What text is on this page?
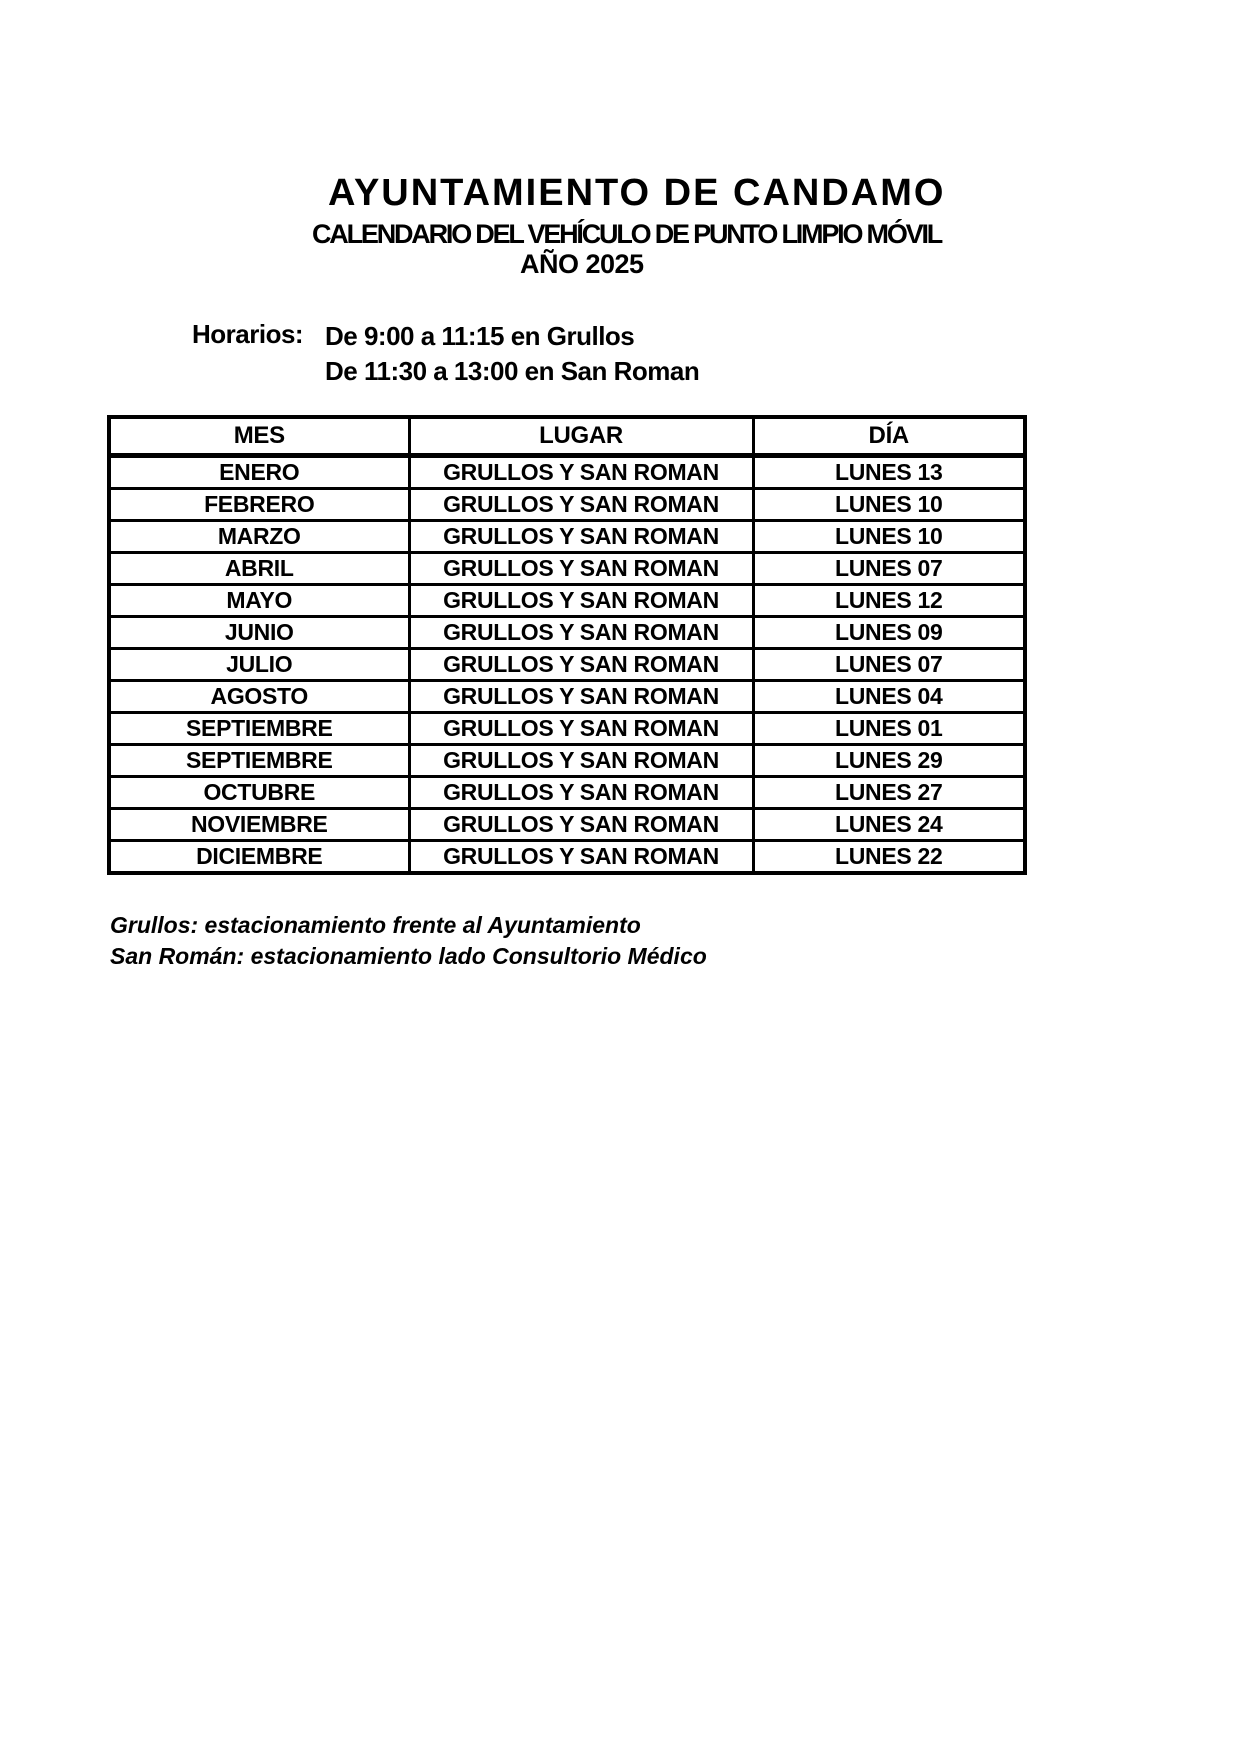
AYUNTAMIENTO DE CANDAMO
CALENDARIO DEL VEHÍCULO DE PUNTO LIMPIO MÓVIL
AÑO 2025
Horarios: De 9:00 a 11:15 en Grullos
De 11:30 a 13:00 en San Roman
MES	LUGAR	DÍA
ENERO	GRULLOS Y SAN ROMAN	LUNES 13
FEBRERO	GRULLOS Y SAN ROMAN	LUNES 10
MARZO	GRULLOS Y SAN ROMAN	LUNES 10
ABRIL	GRULLOS Y SAN ROMAN	LUNES 07
MAYO	GRULLOS Y SAN ROMAN	LUNES 12
JUNIO	GRULLOS Y SAN ROMAN	LUNES 09
JULIO	GRULLOS Y SAN ROMAN	LUNES 07
AGOSTO	GRULLOS Y SAN ROMAN	LUNES 04
SEPTIEMBRE	GRULLOS Y SAN ROMAN	LUNES 01
SEPTIEMBRE	GRULLOS Y SAN ROMAN	LUNES 29
OCTUBRE	GRULLOS Y SAN ROMAN	LUNES 27
NOVIEMBRE	GRULLOS Y SAN ROMAN	LUNES 24
DICIEMBRE	GRULLOS Y SAN ROMAN	LUNES 22

Grullos: estacionamiento frente al Ayuntamiento

San Román: estacionamiento lado Consultorio Médico
